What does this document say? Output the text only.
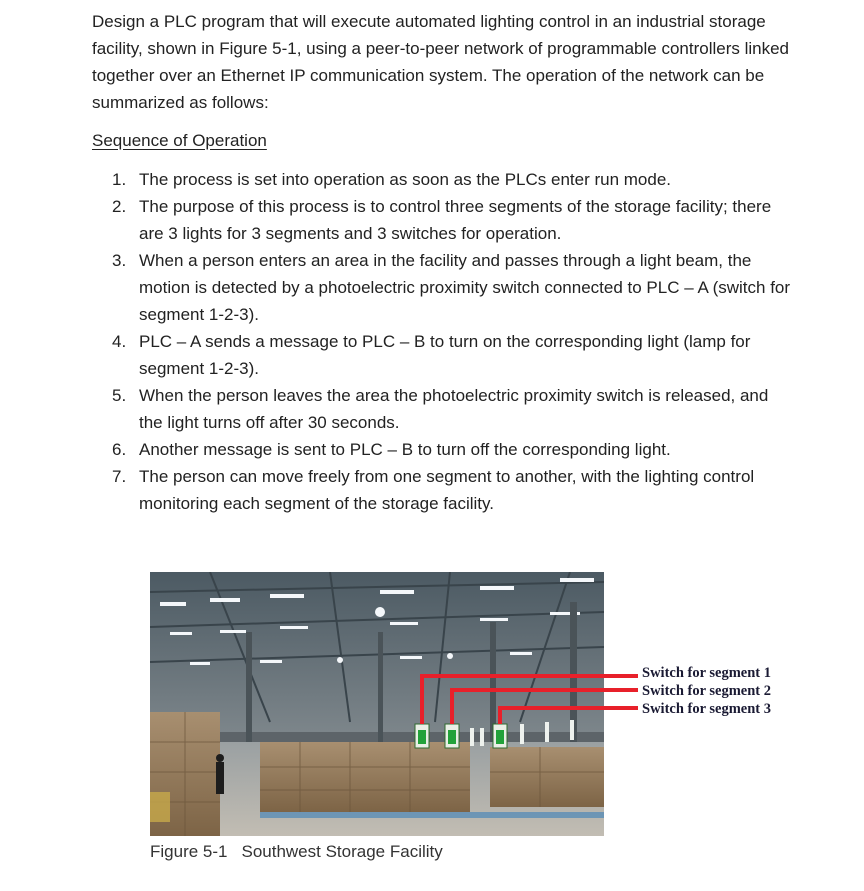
Design a PLC program that will execute automated lighting control in an industrial storage facility, shown in Figure 5-1, using a peer-to-peer network of programmable controllers linked together over an Ethernet IP communication system. The operation of the network can be summarized as follows:

Sequence of Operation
1. The process is set into operation as soon as the PLCs enter run mode.
2. The purpose of this process is to control three segments of the storage facility; there are 3 lights for 3 segments and 3 switches for operation.
3. When a person enters an area in the facility and passes through a light beam, the motion is detected by a photoelectric proximity switch connected to PLC – A (switch for segment 1-2-3).
4. PLC – A sends a message to PLC – B to turn on the corresponding light (lamp for segment 1-2-3).
5. When the person leaves the area the photoelectric proximity switch is released, and the light turns off after 30 seconds.
6. Another message is sent to PLC – B to turn off the corresponding light.
7. The person can move freely from one segment to another, with the lighting control monitoring each segment of the storage facility.
Switch for segment 1
Switch for segment 2
Switch for segment 3
Figure 5-1 Southwest Storage Facility
